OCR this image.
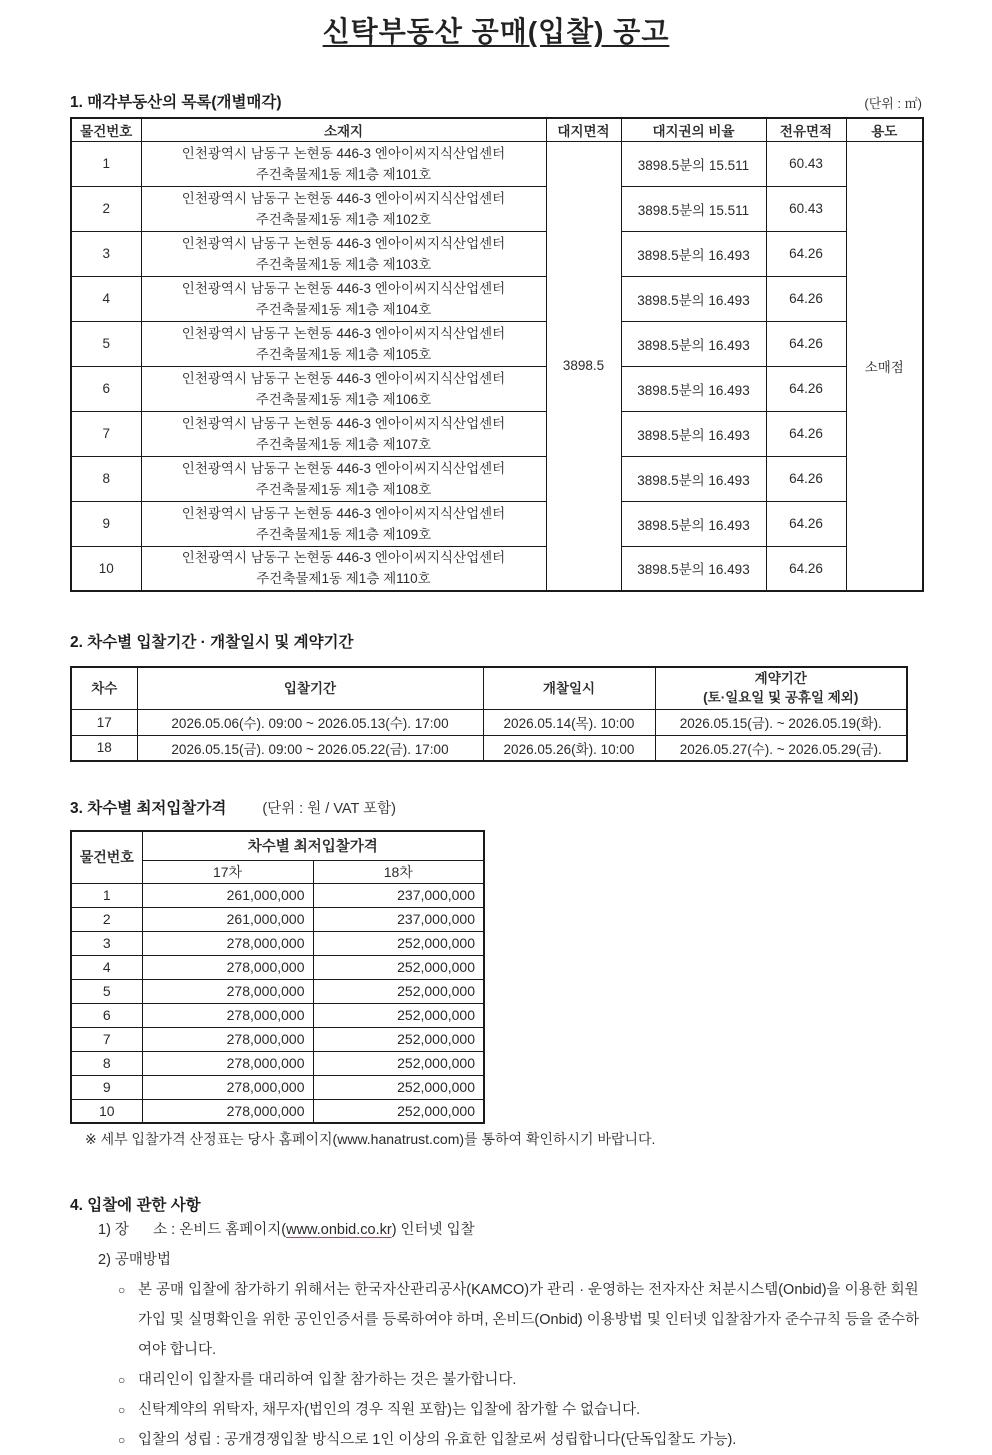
신탁부동산 공매(입찰) 공고
1. 매각부동산의 목록(개별매각)	(단위 : ㎡)
물건번호	소재지	대지면적	대지권의 비율	전유면적	용도
1	인천광역시 남동구 논현동 446-3 엔아이씨지식산업센터
주건축물제1동 제1층 제101호	3898.5	3898.5분의 15.511	60.43	소매점
2	인천광역시 남동구 논현동 446-3 엔아이씨지식산업센터
주건축물제1동 제1층 제102호		3898.5분의 15.511	60.43	
3	인천광역시 남동구 논현동 446-3 엔아이씨지식산업센터
주건축물제1동 제1층 제103호		3898.5분의 16.493	64.26	
4	인천광역시 남동구 논현동 446-3 엔아이씨지식산업센터
주건축물제1동 제1층 제104호		3898.5분의 16.493	64.26	
5	인천광역시 남동구 논현동 446-3 엔아이씨지식산업센터
주건축물제1동 제1층 제105호		3898.5분의 16.493	64.26	
6	인천광역시 남동구 논현동 446-3 엔아이씨지식산업센터
주건축물제1동 제1층 제106호		3898.5분의 16.493	64.26	
7	인천광역시 남동구 논현동 446-3 엔아이씨지식산업센터
주건축물제1동 제1층 제107호		3898.5분의 16.493	64.26	
8	인천광역시 남동구 논현동 446-3 엔아이씨지식산업센터
주건축물제1동 제1층 제108호		3898.5분의 16.493	64.26	
9	인천광역시 남동구 논현동 446-3 엔아이씨지식산업센터
주건축물제1동 제1층 제109호		3898.5분의 16.493	64.26	
10	인천광역시 남동구 논현동 446-3 엔아이씨지식산업센터
주건축물제1동 제1층 제110호		3898.5분의 16.493	64.26	
2. 차수별 입찰기간 · 개찰일시 및 계약기간
차수	입찰기간	개찰일시	계약기간
(토·일요일 및 공휴일 제외)

17	2026.05.06(수). 09:00 ~ 2026.05.13(수). 17:00	2026.05.14(목). 10:00	2026.05.15(금). ~ 2026.05.19(화).
18	2026.05.15(금). 09:00 ~ 2026.05.22(금). 17:00	2026.05.26(화). 10:00	2026.05.27(수). ~ 2026.05.29(금).
3. 차수별 최저입찰가격 (단위 : 원 / VAT 포함)
물건번호	차수별 최저입찰가격	
	17차	18차
1	261,000,000	237,000,000
2	261,000,000	237,000,000
3	278,000,000	252,000,000
4	278,000,000	252,000,000
5	278,000,000	252,000,000
6	278,000,000	252,000,000
7	278,000,000	252,000,000
8	278,000,000	252,000,000
9	278,000,000	252,000,000
10	278,000,000	252,000,000
※ 세부 입찰가격 산정표는 당사 홈페이지(www.hanatrust.com)를 통하여 확인하시기 바랍니다.
4. 입찰에 관한 사항
1) 장      소 : 온비드 홈페이지(www.onbid.co.kr) 인터넷 입찰
2) 공매방법
○ 본 공매 입찰에 참가하기 위해서는 한국자산관리공사(KAMCO)가 관리 · 운영하는 전자자산 처분시스템(Onbid)을 이용한 회원가입 및 실명확인을 위한 공인인증서를 등록하여야 하며, 온비드(Onbid) 이용방법 및 인터넷 입찰참가자 준수규칙 등을 준수하여야 합니다.
○ 대리인이 입찰자를 대리하여 입찰 참가하는 것은 불가합니다.
○ 신탁계약의 위탁자, 채무자(법인의 경우 직원 포함)는 입찰에 참가할 수 없습니다.
○ 입찰의 성립 : 공개경쟁입찰 방식으로 1인 이상의 유효한 입찰로써 성립합니다(단독입찰도 가능).
